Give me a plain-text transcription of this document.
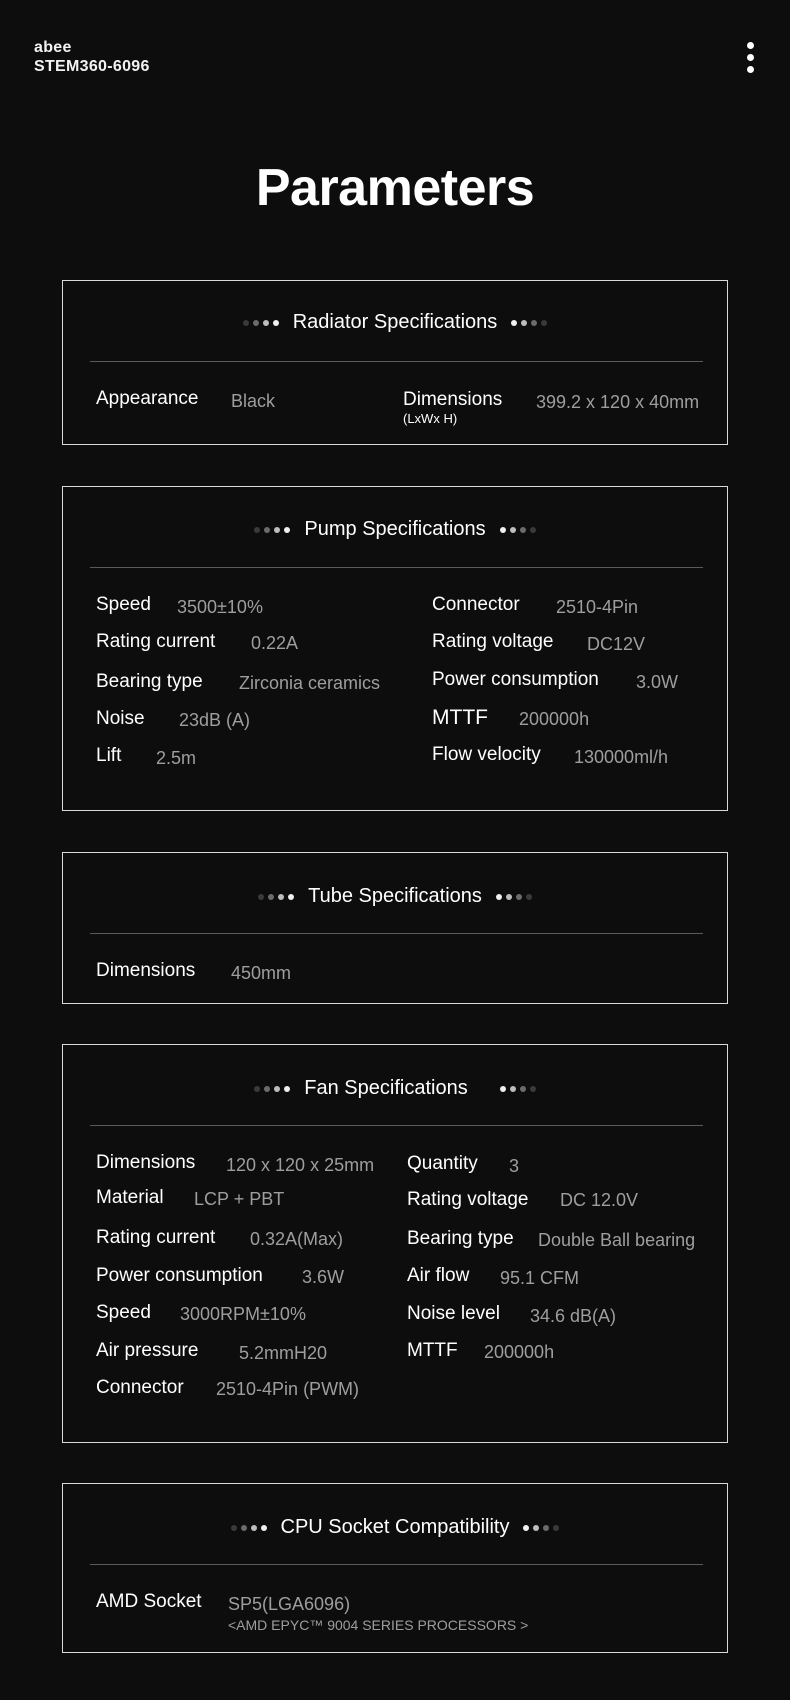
abee
STEM360-6096
Parameters
Radiator Specifications
Appearance Black	Dimensions
(LxWx H)
399.2 x 120 x 40mm
Pump Specifications
Speed 3500±10%
Rating current 0.22A
Bearing type Zirconia ceramics
Noise 23dB (A)
Lift 2.5m
Connector 2510-4Pin
Rating voltage DC12V
Power consumption 3.0W
MTTF 200000h
Flow velocity 130000ml/h
Tube Specifications
Dimensions 450mm
Fan Specifications
Dimensions 120 x 120 x 25mm
Material LCP + PBT
Rating current 0.32A(Max)
Power consumption 3.6W
Speed 3000RPM±10%
Air pressure 5.2mmH20
Connector 2510-4Pin (PWM)
Quantity 3
Rating voltage DC 12.0V
Bearing type Double Ball bearing
Air flow 95.1 CFM
Noise level 34.6 dB(A)
MTTF 200000h
CPU Socket Compatibility
AMD Socket SP5(LGA6096)
<AMD EPYC™ 9004 SERIES PROCESSORS >
